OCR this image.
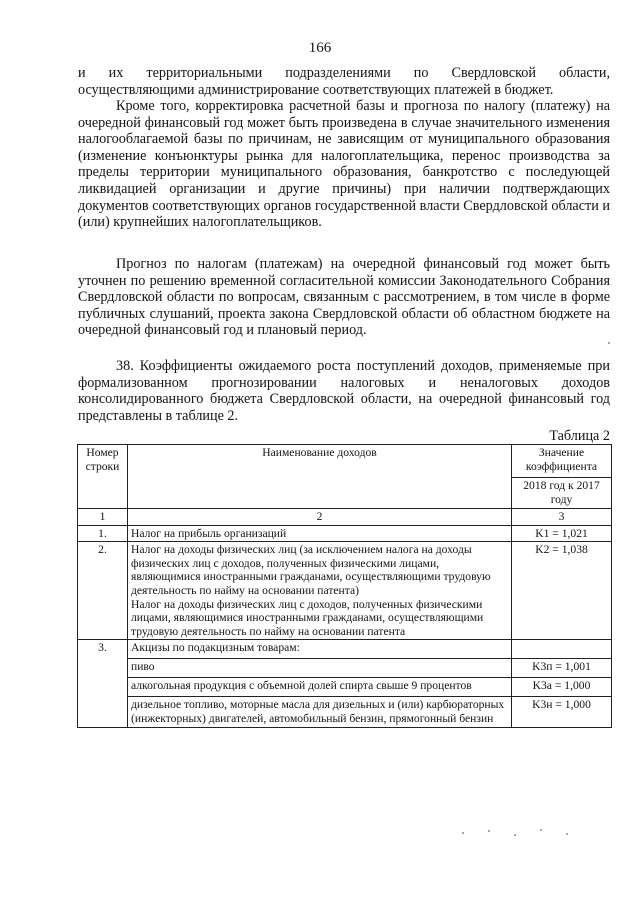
166

и их территориальными подразделениями по Свердловской области, осуществляющими администрирование соответствующих платежей в бюджет.

Кроме того, корректировка расчетной базы и прогноза по налогу (платежу) на очередной финансовый год может быть произведена в случае значительного изменения налогооблагаемой базы по причинам, не зависящим от муниципального образования (изменение конъюнктуры рынка для налогоплательщика, перенос производства за пределы территории муниципального образования, банкротство с последующей ликвидацией организации и другие причины) при наличии подтверждающих документов соответствующих органов государственной власти Свердловской области и (или) крупнейших налогоплательщиков.

Прогноз по налогам (платежам) на очередной финансовый год может быть уточнен по решению временной согласительной комиссии Законодательного Собрания Свердловской области по вопросам, связанным с рассмотрением, в том числе в форме публичных слушаний, проекта закона Свердловской области об областном бюджете на очередной финансовый год и плановый период.

38. Коэффициенты ожидаемого роста поступлений доходов, применяемые при формализованном прогнозировании налоговых и неналоговых доходов консолидированного бюджета Свердловской области, на очередной финансовый год представлены в таблице 2.

Таблица 2
Номер строки	Наименование доходов	Значение коэффициента
		2018 год к 2017 году
1	2	3
1.	Налог на прибыль организаций	K1 = 1,021
2.	Налог на доходы физических лиц (за исключением налога на доходы физических лиц с доходов, полученных физическими лицами, являющимися иностранными гражданами, осуществляющими трудовую деятельность по найму на основании патента)
Налог на доходы физических лиц с доходов, полученных физическими лицами, являющимися иностранными гражданами, осуществляющими трудовую деятельность по найму на основании патента	K2 = 1,038
3.	Акцизы по подакцизным товарам:	
	пиво	K3п = 1,001
	алкогольная продукция с объемной долей спирта свыше 9 процентов	K3а = 1,000
	дизельное топливо, моторные масла для дизельных и (или) карбюраторных (инжекторных) двигателей, автомобильный бензин, прямогонный бензин	K3н = 1,000
